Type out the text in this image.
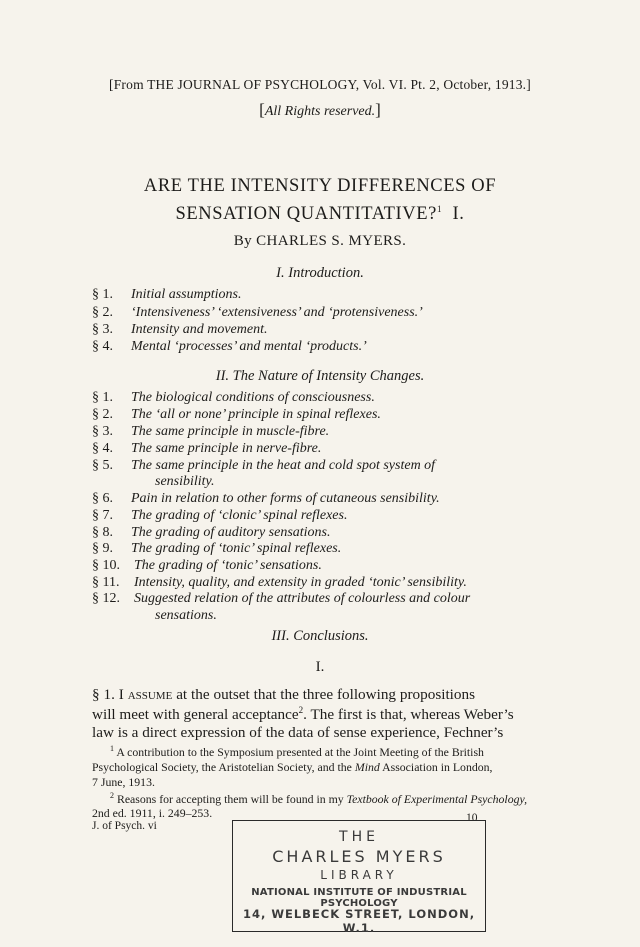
[From THE JOURNAL OF PSYCHOLOGY, Vol. VI. Pt. 2, October, 1913.]
[All Rights reserved.]
ARE THE INTENSITY DIFFERENCES OF
SENSATION QUANTITATIVE?$^1$ I.
By CHARLES S. MYERS.
I. Introduction.
§ 1. Initial assumptions.
§ 2. ‘Intensiveness’ ‘extensiveness’ and ‘protensiveness.’
§ 3. Intensity and movement.
§ 4. Mental ‘processes’ and mental ‘products.’
II. The Nature of Intensity Changes.
§ 1. The biological conditions of consciousness.
§ 2. The ‘all or none’ principle in spinal reflexes.
§ 3. The same principle in muscle-fibre.
§ 4. The same principle in nerve-fibre.
§ 5. The same principle in the heat and cold spot system of
sensibility.
§ 6. Pain in relation to other forms of cutaneous sensibility.
§ 7. The grading of ‘clonic’ spinal reflexes.
§ 8. The grading of auditory sensations.
§ 9. The grading of ‘tonic’ spinal reflexes.
§ 10. The grading of ‘tonic’ sensations.
§ 11. Intensity, quality, and extensity in graded ‘tonic’ sensibility.
§ 12. Suggested relation of the attributes of colourless and colour
sensations.
III. Conclusions.
I.
§ 1. I assume at the outset that the three following propositions
will meet with general acceptance$^2$. The first is that, whereas Weber’s
law is a direct expression of the data of sense experience, Fechner’s
$^1$ A contribution to the Symposium presented at the Joint Meeting of the British
Psychological Society, the Aristotelian Society, and the Mind Association in London,
7 June, 1913.
$^2$ Reasons for accepting them will be found in my Textbook of Experimental Psychology,
2nd ed. 1911, i. 249–253.
J. of Psych. vi
10
THE
CHARLES MYERS
LIBRARY
NATIONAL INSTITUTE OF INDUSTRIAL PSYCHOLOGY
14, WELBECK STREET, LONDON, W.1.
